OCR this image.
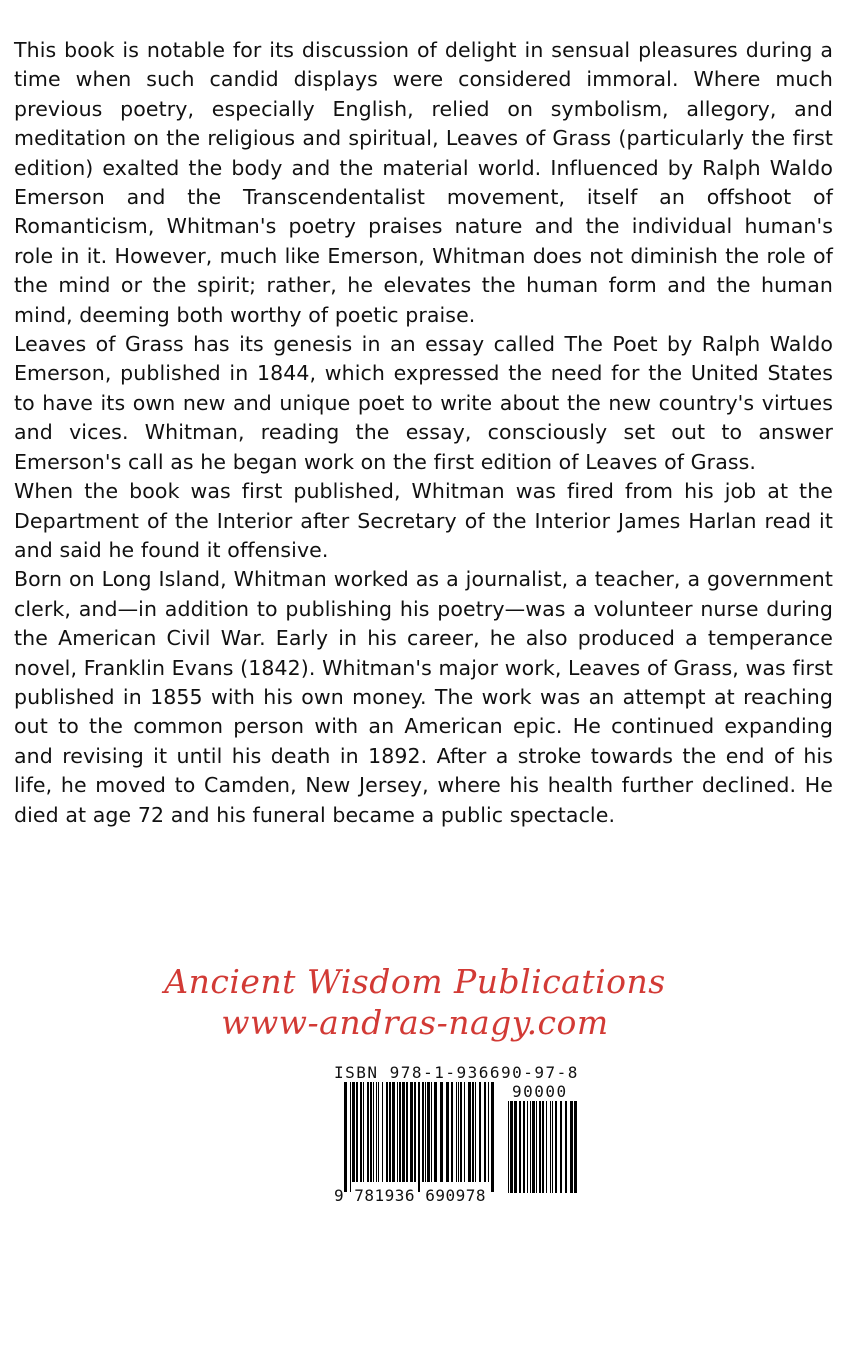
This book is notable for its discussion of delight in sensual pleasures during a time when such candid displays were considered immoral. Where much previous poetry, especially English, relied on symbolism, allegory, and meditation on the religious and spiritual, Leaves of Grass (particularly the first edition) exalted the body and the material world. Influenced by Ralph Waldo Emerson and the Transcendentalist movement, itself an offshoot of Romanticism, Whitman's poetry praises nature and the individual human's role in it. However, much like Emerson, Whitman does not diminish the role of the mind or the spirit; rather, he elevates the human form and the human mind, deeming both worthy of poetic praise.

Leaves of Grass has its genesis in an essay called The Poet by Ralph Waldo Emerson, published in 1844, which expressed the need for the United States to have its own new and unique poet to write about the new country's virtues and vices. Whitman, reading the essay, consciously set out to answer Emerson's call as he began work on the first edition of Leaves of Grass.

When the book was first published, Whitman was fired from his job at the Department of the Interior after Secretary of the Interior James Harlan read it and said he found it offensive.

Born on Long Island, Whitman worked as a journalist, a teacher, a government clerk, and—in addition to publishing his poetry—was a volunteer nurse during the American Civil War. Early in his career, he also produced a temperance novel, Franklin Evans (1842). Whitman's major work, Leaves of Grass, was first published in 1855 with his own money. The work was an attempt at reaching out to the common person with an American epic. He continued expanding and revising it until his death in 1892. After a stroke towards the end of his life, he moved to Camden, New Jersey, where his health further declined. He died at age 72 and his funeral became a public spectacle.

Ancient Wisdom Publications
www-andras-nagy.com
ISBN 978-1-936690-97-8
90000
9 781936 690978
